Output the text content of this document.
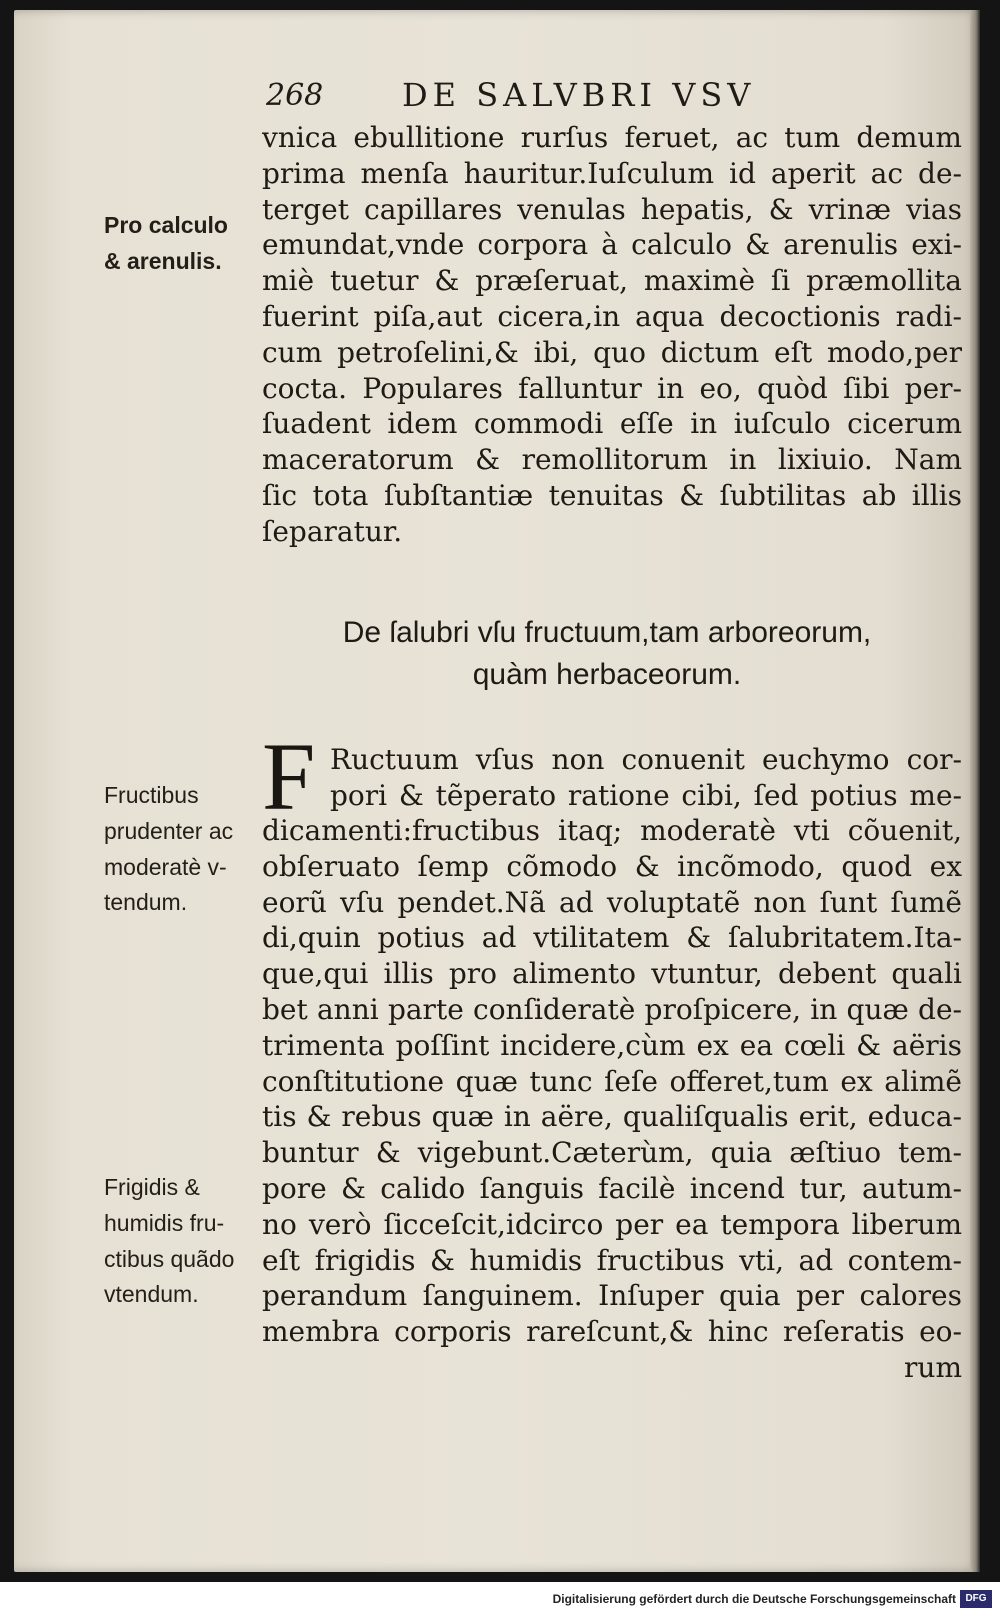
268 DE SALVBRI VSV
vnica ebullitione rurſus feruet, ac tum demum
prima menſa hauritur.Iuſculum id aperit ac de-
terget capillares venulas hepatis, & vrinæ vias
emundat,vnde corpora à calculo & arenulis exi-
miè tuetur & præſeruat, maximè ſi præmollita
fuerint piſa,aut cicera,in aqua decoctionis radi-
cum petroſelini,& ibi, quo dictum eſt modo,per
cocta. Populares falluntur in eo, quòd ſibi per-
ſuadent idem commodi eſſe in iuſculo cicerum
maceratorum & remollitorum in lixiuio. Nam
ſic tota ſubſtantiæ tenuitas & ſubtilitas ab illis
ſeparatur.
De ſalubri vſu fructuum,tam arboreorum,
quàm herbaceorum.
F Ructuum vſus non conuenit euchymo cor-
pori & tẽperato ratione cibi, ſed potius me-
dicamenti:fructibus itaq; moderatè vti cõuenit,
obſeruato ſemp cõmodo & incõmodo, quod ex
eorũ vſu pendet.Nã ad voluptatẽ non ſunt ſumẽ
di,quin potius ad vtilitatem & ſalubritatem.Ita-
que,qui illis pro alimento vtuntur, debent quali
bet anni parte conſideratè proſpicere, in quæ de-
trimenta poſſint incidere,cùm ex ea cœli & aëris
conſtitutione quæ tunc ſeſe offeret,tum ex alimẽ
tis & rebus quæ in aëre, qualiſqualis erit, educa-
buntur & vigebunt.Cæterùm, quia æſtiuo tem-
pore & calido ſanguis facilè incend tur, autum-
no verò ſicceſcit,idcirco per ea tempora liberum
eſt frigidis & humidis fructibus vti, ad contem-
perandum ſanguinem. Inſuper quia per calores
membra corporis rareſcunt,& hinc reſeratis eo-
rum
Pro calculo
& arenulis.
Fructibus
prudenter ac
moderatè v-
tendum.
Frigidis &
humidis fru-
ctibus quãdo
vtendum.
Digitalisierung gefördert durch die Deutsche Forschungsgemeinschaft DFG
